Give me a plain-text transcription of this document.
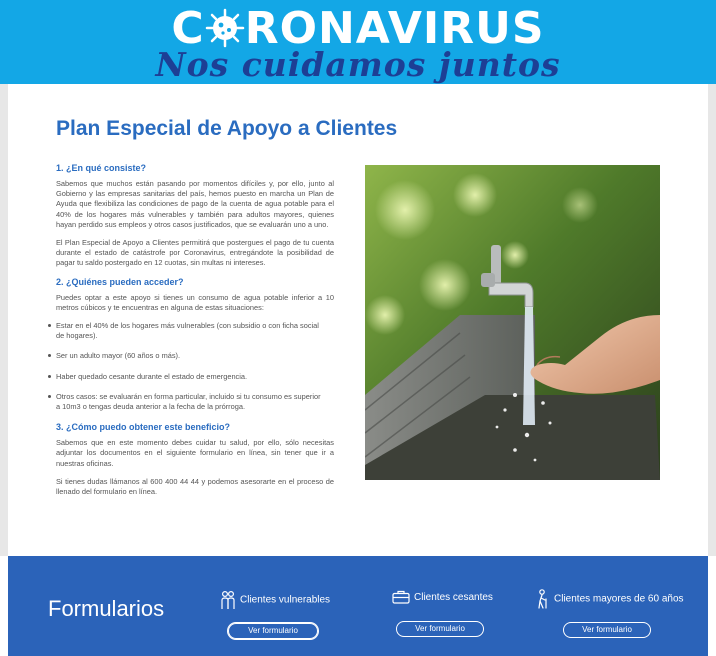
C RONAVIRUS
Nos cuidamos juntos
Plan Especial de Apoyo a Clientes
1. ¿En qué consiste?

Sabemos que muchos están pasando por momentos difíciles y, por ello, junto al Gobierno y las empresas sanitarias del país, hemos puesto en marcha un Plan de Ayuda que flexibiliza las condiciones de pago de la cuenta de agua potable para el 40% de los hogares más vulnerables y también para adultos mayores, quienes hayan perdido sus empleos y otros casos justificados, que se evaluarán uno a uno.

El Plan Especial de Apoyo a Clientes permitirá que postergues el pago de tu cuenta durante el estado de catástrofe por Coronavirus, entregándote la posibilidad de pagar tu saldo postergado en 12 cuotas, sin multas ni intereses.

2. ¿Quiénes pueden acceder?

Puedes optar a este apoyo si tienes un consumo de agua potable inferior a 10 metros cúbicos y te encuentras en alguna de estas situaciones:

Estar en el 40% de los hogares más vulnerables (con subsidio o con ficha social de hogares).
Ser un adulto mayor (60 años o más).
Haber quedado cesante durante el estado de emergencia.
Otros casos: se evaluarán en forma particular, incluido si tu consumo es superior a 10m3 o tengas deuda anterior a la fecha de la prórroga.
3. ¿Cómo puedo obtener este beneficio?

Sabemos que en este momento debes cuidar tu salud, por ello, sólo necesitas adjuntar los documentos en el siguiente formulario en línea, sin tener que ir a nuestras oficinas.

Si tienes dudas llámanos al 600 400 44 44 y podemos asesorarte en el proceso de llenado del formulario en línea.

Formularios	Clientes vulnerables
Ver formulario
Clientes cesantes
Ver formulario
Clientes mayores de 60 años
Ver formulario
